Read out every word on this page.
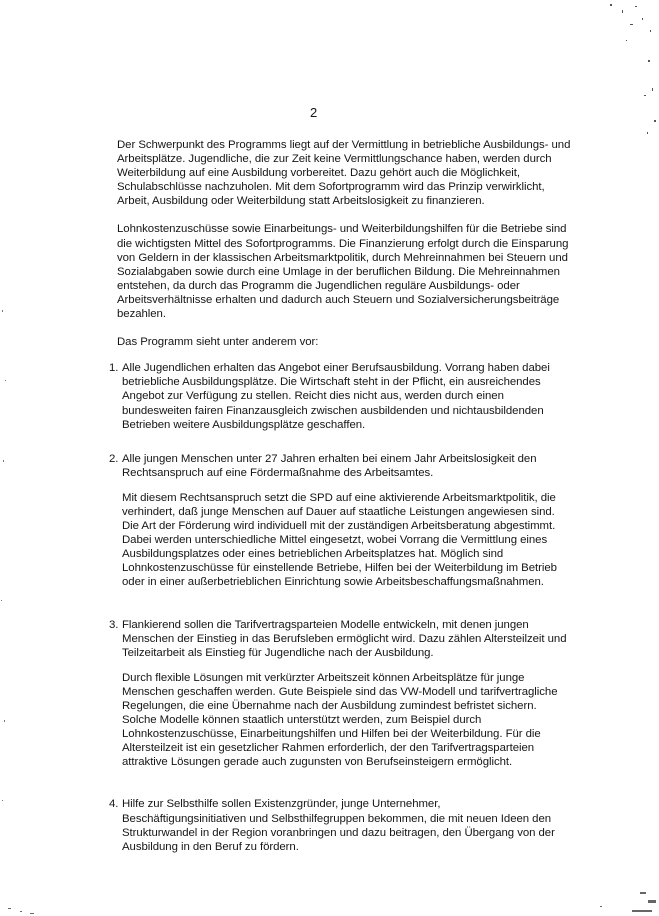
2
Der Schwerpunkt des Programms liegt auf der Vermittlung in betriebliche Ausbildungs- und
Arbeitsplätze. Jugendliche, die zur Zeit keine Vermittlungschance haben, werden durch
Weiterbildung auf eine Ausbildung vorbereitet. Dazu gehört auch die Möglichkeit,
Schulabschlüsse nachzuholen. Mit dem Sofortprogramm wird das Prinzip verwirklicht,
Arbeit, Ausbildung oder Weiterbildung statt Arbeitslosigkeit zu finanzieren.
Lohnkostenzuschüsse sowie Einarbeitungs- und Weiterbildungshilfen für die Betriebe sind
die wichtigsten Mittel des Sofortprogramms. Die Finanzierung erfolgt durch die Einsparung
von Geldern in der klassischen Arbeitsmarktpolitik, durch Mehreinnahmen bei Steuern und
Sozialabgaben sowie durch eine Umlage in der beruflichen Bildung. Die Mehreinnahmen
entstehen, da durch das Programm die Jugendlichen reguläre Ausbildungs- oder
Arbeitsverhältnisse erhalten und dadurch auch Steuern und Sozialversicherungsbeiträge
bezahlen.
Das Programm sieht unter anderem vor:
1. Alle Jugendlichen erhalten das Angebot einer Berufsausbildung. Vorrang haben dabei
betriebliche Ausbildungsplätze. Die Wirtschaft steht in der Pflicht, ein ausreichendes
Angebot zur Verfügung zu stellen. Reicht dies nicht aus, werden durch einen
bundesweiten fairen Finanzausgleich zwischen ausbildenden und nichtausbildenden
Betrieben weitere Ausbildungsplätze geschaffen.
2. Alle jungen Menschen unter 27 Jahren erhalten bei einem Jahr Arbeitslosigkeit den
Rechtsanspruch auf eine Fördermaßnahme des Arbeitsamtes.
Mit diesem Rechtsanspruch setzt die SPD auf eine aktivierende Arbeitsmarktpolitik, die
verhindert, daß junge Menschen auf Dauer auf staatliche Leistungen angewiesen sind.
Die Art der Förderung wird individuell mit der zuständigen Arbeitsberatung abgestimmt.
Dabei werden unterschiedliche Mittel eingesetzt, wobei Vorrang die Vermittlung eines
Ausbildungsplatzes oder eines betrieblichen Arbeitsplatzes hat. Möglich sind
Lohnkostenzuschüsse für einstellende Betriebe, Hilfen bei der Weiterbildung im Betrieb
oder in einer außerbetrieblichen Einrichtung sowie Arbeitsbeschaffungsmaßnahmen.
3. Flankierend sollen die Tarifvertragsparteien Modelle entwickeln, mit denen jungen
Menschen der Einstieg in das Berufsleben ermöglicht wird. Dazu zählen Altersteilzeit und
Teilzeitarbeit als Einstieg für Jugendliche nach der Ausbildung.
Durch flexible Lösungen mit verkürzter Arbeitszeit können Arbeitsplätze für junge
Menschen geschaffen werden. Gute Beispiele sind das VW-Modell und tarifvertragliche
Regelungen, die eine Übernahme nach der Ausbildung zumindest befristet sichern.
Solche Modelle können staatlich unterstützt werden, zum Beispiel durch
Lohnkostenzuschüsse, Einarbeitungshilfen und Hilfen bei der Weiterbildung. Für die
Altersteilzeit ist ein gesetzlicher Rahmen erforderlich, der den Tarifvertragsparteien
attraktive Lösungen gerade auch zugunsten von Berufseinsteigern ermöglicht.
4. Hilfe zur Selbsthilfe sollen Existenzgründer, junge Unternehmer,
Beschäftigungsinitiativen und Selbsthilfegruppen bekommen, die mit neuen Ideen den
Strukturwandel in der Region voranbringen und dazu beitragen, den Übergang von der
Ausbildung in den Beruf zu fördern.
